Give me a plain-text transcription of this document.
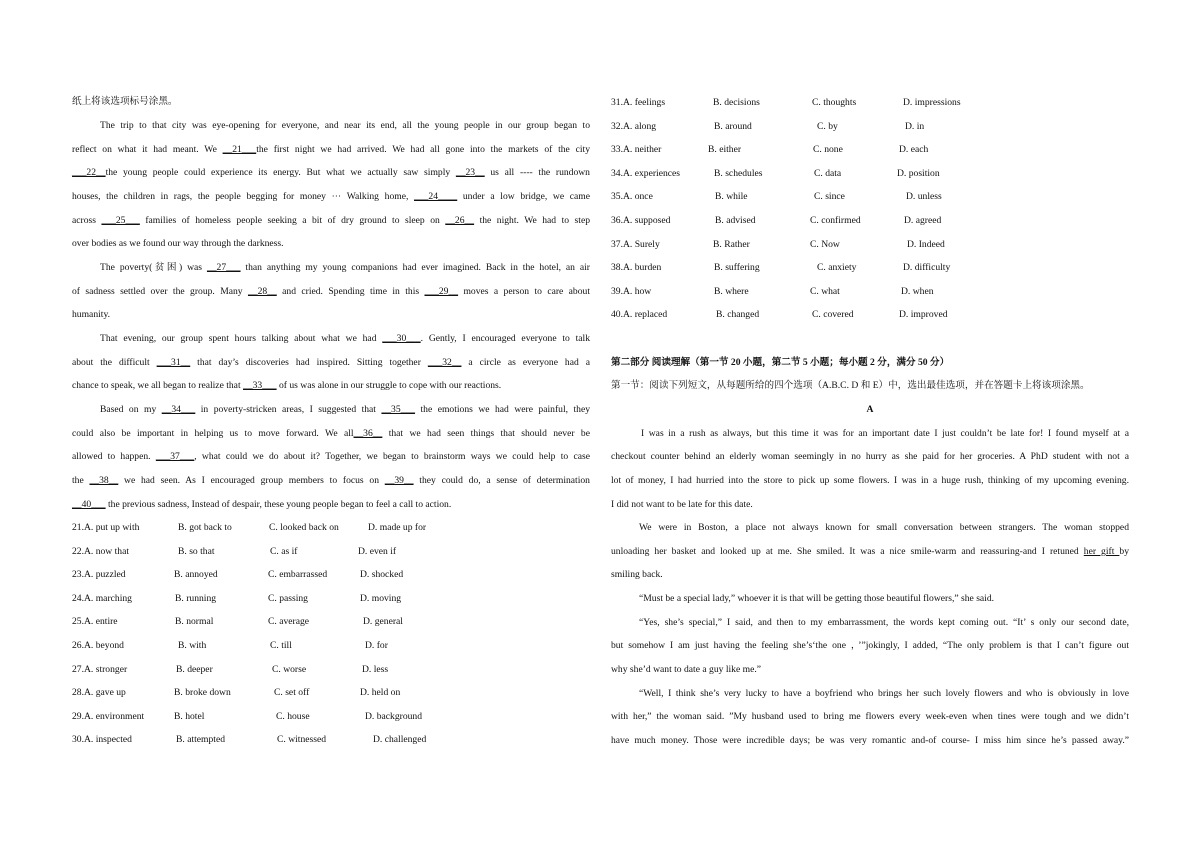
纸上将该选项标号涂黑。
The trip to that city was eye-opening for everyone, and near its end, all the young people in our group began to
reflect on what it had meant. We __21___the first night we had arrived. We had all gone into the markets of the city
___22__the young people could experience its energy. But what we actually saw simply __23__ us all ---- the rundown
houses, the children in rags, the people begging for money ⋯ Walking home, ___24____ under a low bridge, we came
across ___25___ families of homeless people seeking a bit of dry ground to sleep on __26__ the night. We had to step
over bodies as we found our way through the darkness.
The poverty(贫困) was __27___ than anything my young companions had ever imagined. Back in the hotel, an air
of sadness settled over the group. Many __28__ and cried. Spending time in this ___29__ moves a person to care about
humanity.
That evening, our group spent hours talking about what we had ___30___. Gently, I encouraged everyone to talk
about the difficult ___31__ that day’s discoveries had inspired. Sitting together ___32__ a circle as everyone had a
chance to speak, we all began to realize that __33___ of us was alone in our struggle to cope with our reactions.
Based on my __34___ in poverty-stricken areas, I suggested that __35___ the emotions we had were painful, they
could also be important in helping us to move forward. We all__36__ that we had seen things that should never be
allowed to happen. ___37___, what could we do about it? Together, we began to brainstorm ways we could help to case
the __38__ we had seen. As I encouraged group members to focus on __39__ they could do, a sense of determination
__40___ the previous sadness, Instead of despair, these young people began to feel a call to action.
21.A. put up with	B. got back to	C. looked back on	D. made up for
22.A. now that	B. so that	C. as if	D. even if
23.A. puzzled	B. annoyed	C. embarrassed	D. shocked
24.A. marching	B. running	C. passing	D. moving
25.A. entire	B. normal	C. average	D. general
26.A. beyond	B. with	C. till	D. for
27.A. stronger	B. deeper	C. worse	D. less
28.A. gave up	B. broke down	C. set off	D. held on
29.A. environment	B. hotel	C. house	D. background
30.A. inspected	B. attempted	C. witnessed	D. challenged
31.A. feelings	B. decisions	C. thoughts	D. impressions
32.A. along	B. around	C. by	D. in
33.A. neither	B. either	C. none	D. each
34.A. experiences	B. schedules	C. data	D. position
35.A. once	B. while	C. since	D. unless
36.A. supposed	B. advised	C. confirmed	D. agreed
37.A. Surely	B. Rather	C. Now	D. Indeed
38.A. burden	B. suffering	C. anxiety	D. difficulty
39.A. how	B. where	C. what	D. when
40.A. replaced	B. changed	C. covered	D. improved
第二部分 阅读理解（第一节 20 小题，第二节 5 小题；每小题 2 分，满分 50 分）
第一节：阅读下列短文，从每题所给的四个选项（A.B.C. D 和 E）中，选出最佳选项，并在答题卡上将该项涂黑。
A
I was in a rush as always, but this time it was for an important date I just couldn’t be late for! I found myself at a
checkout counter behind an elderly woman seemingly in no hurry as she paid for her groceries. A PhD student with not a
lot of money, I had hurried into the store to pick up some flowers. I was in a huge rush, thinking of my upcoming evening.
I did not want to be late for this date.
We were in Boston, a place not always known for small conversation between strangers. The woman stopped
unloading her basket and looked up at me. She smiled. It was a nice smile-warm and reassuring-and I retuned her gift by
smiling back.
“Must be a special lady,” whoever it is that will be getting those beautiful flowers,” she said.
“Yes, she’s special,” I said, and then to my embarrassment, the words kept coming out. “It’ s only our second date,
but somehow I am just having the feeling she’s‘the one ，’”jokingly, I added, “The only problem is that I can’t figure out
why she’d want to date a guy like me.”
“Well, I think she’s very lucky to have a boyfriend who brings her such lovely flowers and who is obviously in love
with her,” the woman said. ”My husband used to bring me flowers every week-even when tines were tough and we didn’t
have much money. Those were incredible days; be was very romantic and-of course- I miss him since he’s passed away.”
